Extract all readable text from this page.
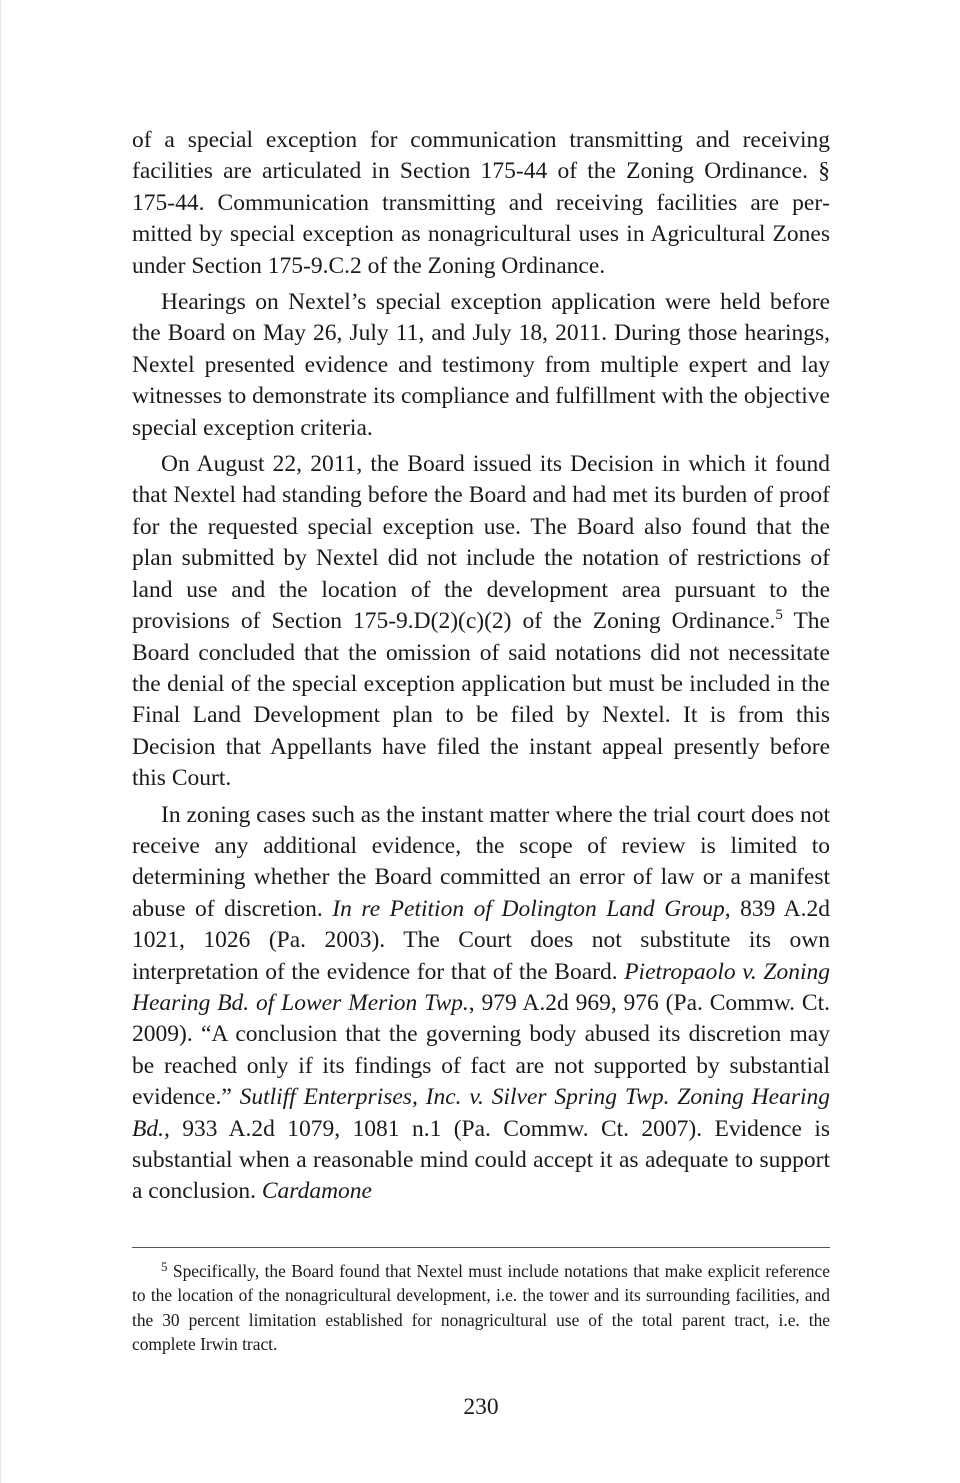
of a special exception for communication transmitting and receiving facilities are articulated in Section 175-44 of the Zoning Ordinance. § 175-44. Communication transmitting and receiving facilities are permitted by special exception as nonagricultural uses in Agricultural Zones under Section 175-9.C.2 of the Zoning Ordinance.

Hearings on Nextel’s special exception application were held before the Board on May 26, July 11, and July 18, 2011. During those hearings, Nextel presented evidence and testimony from multiple expert and lay witnesses to demonstrate its compliance and fulfillment with the objective special exception criteria.

On August 22, 2011, the Board issued its Decision in which it found that Nextel had standing before the Board and had met its burden of proof for the requested special exception use. The Board also found that the plan submitted by Nextel did not include the notation of restrictions of land use and the location of the development area pursuant to the provisions of Section 175-9.D(2)(c)(2) of the Zoning Ordinance.$^5$ The Board concluded that the omission of said notations did not necessitate the denial of the special exception application but must be included in the Final Land Development plan to be filed by Nextel. It is from this Decision that Appellants have filed the instant appeal presently before this Court.

In zoning cases such as the instant matter where the trial court does not receive any additional evidence, the scope of review is limited to determining whether the Board committed an error of law or a manifest abuse of discretion. In re Petition of Dolington Land Group, 839 A.2d 1021, 1026 (Pa. 2003). The Court does not substitute its own interpretation of the evidence for that of the Board. Pietropaolo v. Zoning Hearing Bd. of Lower Merion Twp., 979 A.2d 969, 976 (Pa. Commw. Ct. 2009). “A conclusion that the governing body abused its discretion may be reached only if its findings of fact are not supported by substantial evidence.” Sutliff Enterprises, Inc. v. Silver Spring Twp. Zoning Hearing Bd., 933 A.2d 1079, 1081 n.1 (Pa. Commw. Ct. 2007). Evidence is substantial when a reasonable mind could accept it as adequate to support a conclusion. Cardamone

$^5$ Specifically, the Board found that Nextel must include notations that make explicit reference to the location of the nonagricultural development, i.e. the tower and its surrounding facilities, and the 30 percent limitation established for nonagricultural use of the total parent tract, i.e. the complete Irwin tract.
230
